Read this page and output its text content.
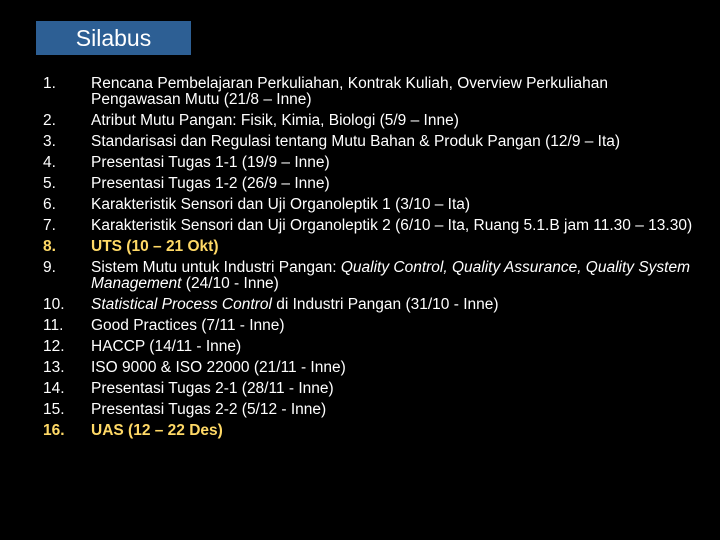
Silabus
1.	Rencana Pembelajaran Perkuliahan, Kontrak Kuliah, Overview Perkuliahan Pengawasan Mutu (21/8 – Inne)
2.	Atribut Mutu Pangan: Fisik, Kimia, Biologi (5/9 – Inne)
3.	Standarisasi dan Regulasi tentang Mutu Bahan & Produk Pangan (12/9 – Ita)
4.	Presentasi Tugas 1-1 (19/9 – Inne)
5.	Presentasi Tugas 1-2 (26/9 – Inne)
6.	Karakteristik Sensori dan Uji Organoleptik 1 (3/10 – Ita)
7.	Karakteristik Sensori dan Uji Organoleptik 2 (6/10 – Ita, Ruang 5.1.B jam 11.30 – 13.30)
8.	UTS (10 – 21 Okt)
9.	Sistem Mutu untuk Industri Pangan: Quality Control, Quality Assurance, Quality System Management (24/10 - Inne)
10.	Statistical Process Control di Industri Pangan (31/10 - Inne)
11.	Good Practices (7/11 - Inne)
12.	HACCP (14/11 - Inne)
13.	ISO 9000 & ISO 22000 (21/11 - Inne)
14.	Presentasi Tugas 2-1 (28/11 - Inne)
15.	Presentasi Tugas 2-2 (5/12 - Inne)
16.	UAS (12 – 22 Des)
